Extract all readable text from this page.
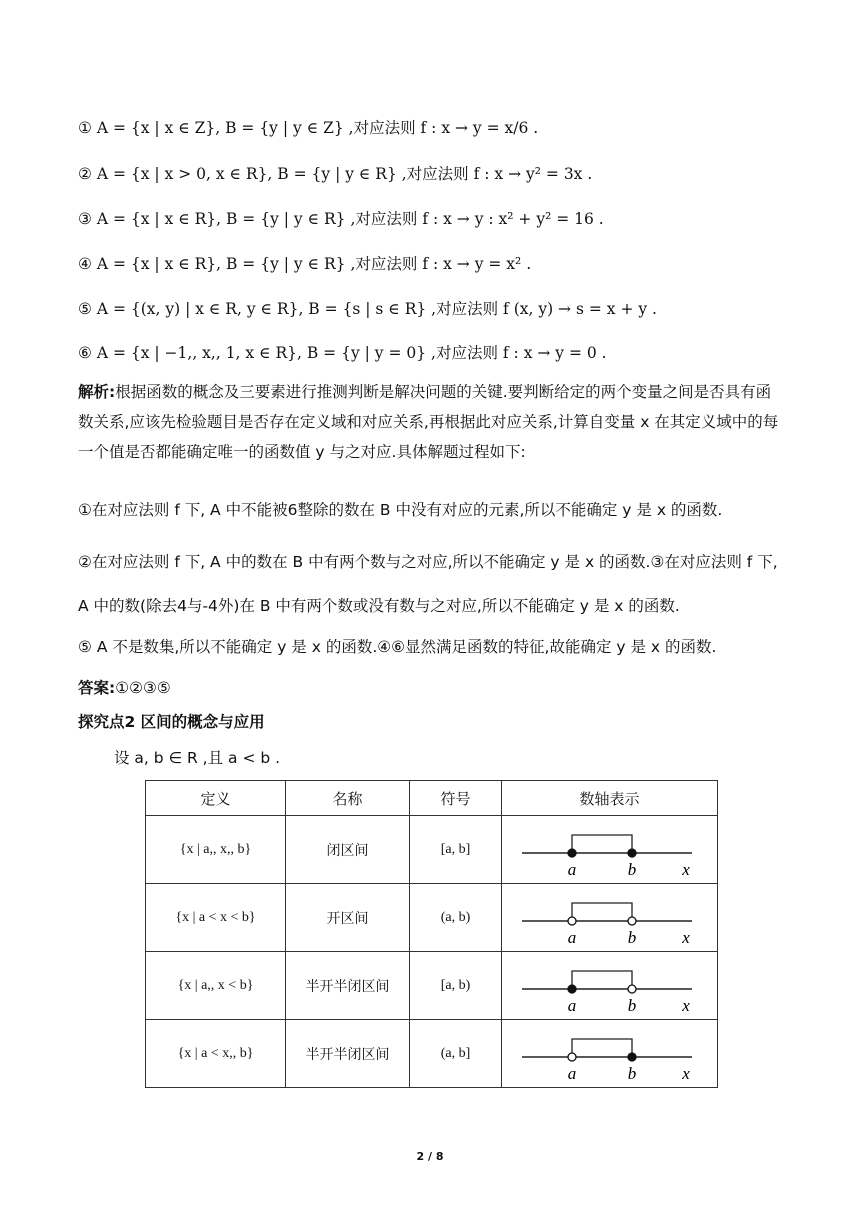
① A = {x | x ∈ Z}, B = {y | y ∈ Z} ,对应法则 f : x → y = x/6 .
② A = {x | x > 0, x ∈ R}, B = {y | y ∈ R} ,对应法则 f : x → y² = 3x .
③ A = {x | x ∈ R}, B = {y | y ∈ R} ,对应法则 f : x → y : x² + y² = 16 .
④ A = {x | x ∈ R}, B = {y | y ∈ R} ,对应法则 f : x → y = x² .
⑤ A = {(x, y) | x ∈ R, y ∈ R}, B = {s | s ∈ R} ,对应法则 f (x, y) → s = x + y .
⑥ A = {x | −1,, x,, 1, x ∈ R}, B = {y | y = 0} ,对应法则 f : x → y = 0 .
解析:根据函数的概念及三要素进行推测判断是解决问题的关键.要判断给定的两个变量之间是否具有函数关系,应该先检验题目是否存在定义域和对应关系,再根据此对应关系,计算自变量 x 在其定义域中的每一个值是否都能确定唯一的函数值 y 与之对应.具体解题过程如下:
①在对应法则 f 下, A 中不能被6整除的数在 B 中没有对应的元素,所以不能确定 y 是 x 的函数.
②在对应法则 f 下, A 中的数在 B 中有两个数与之对应,所以不能确定 y 是 x 的函数.③在对应法则 f 下, A 中的数(除去4与-4外)在 B 中有两个数或没有数与之对应,所以不能确定 y 是 x 的函数.
⑤ A 不是数集,所以不能确定 y 是 x 的函数.④⑥显然满足函数的特征,故能确定 y 是 x 的函数.
答案:①②③⑤
探究点2 区间的概念与应用
设 a, b ∈ R ,且 a < b .
定义	名称	符号	数轴表示
{x | a,, x,, b}	闭区间	[a, b]	a b x

{x | a < x < b}	开区间	(a, b)	a b x

{x | a,, x < b}	半开半闭区间	[a, b)	a b x

{x | a < x,, b}	半开半闭区间	(a, b]	a b x
2 / 8
